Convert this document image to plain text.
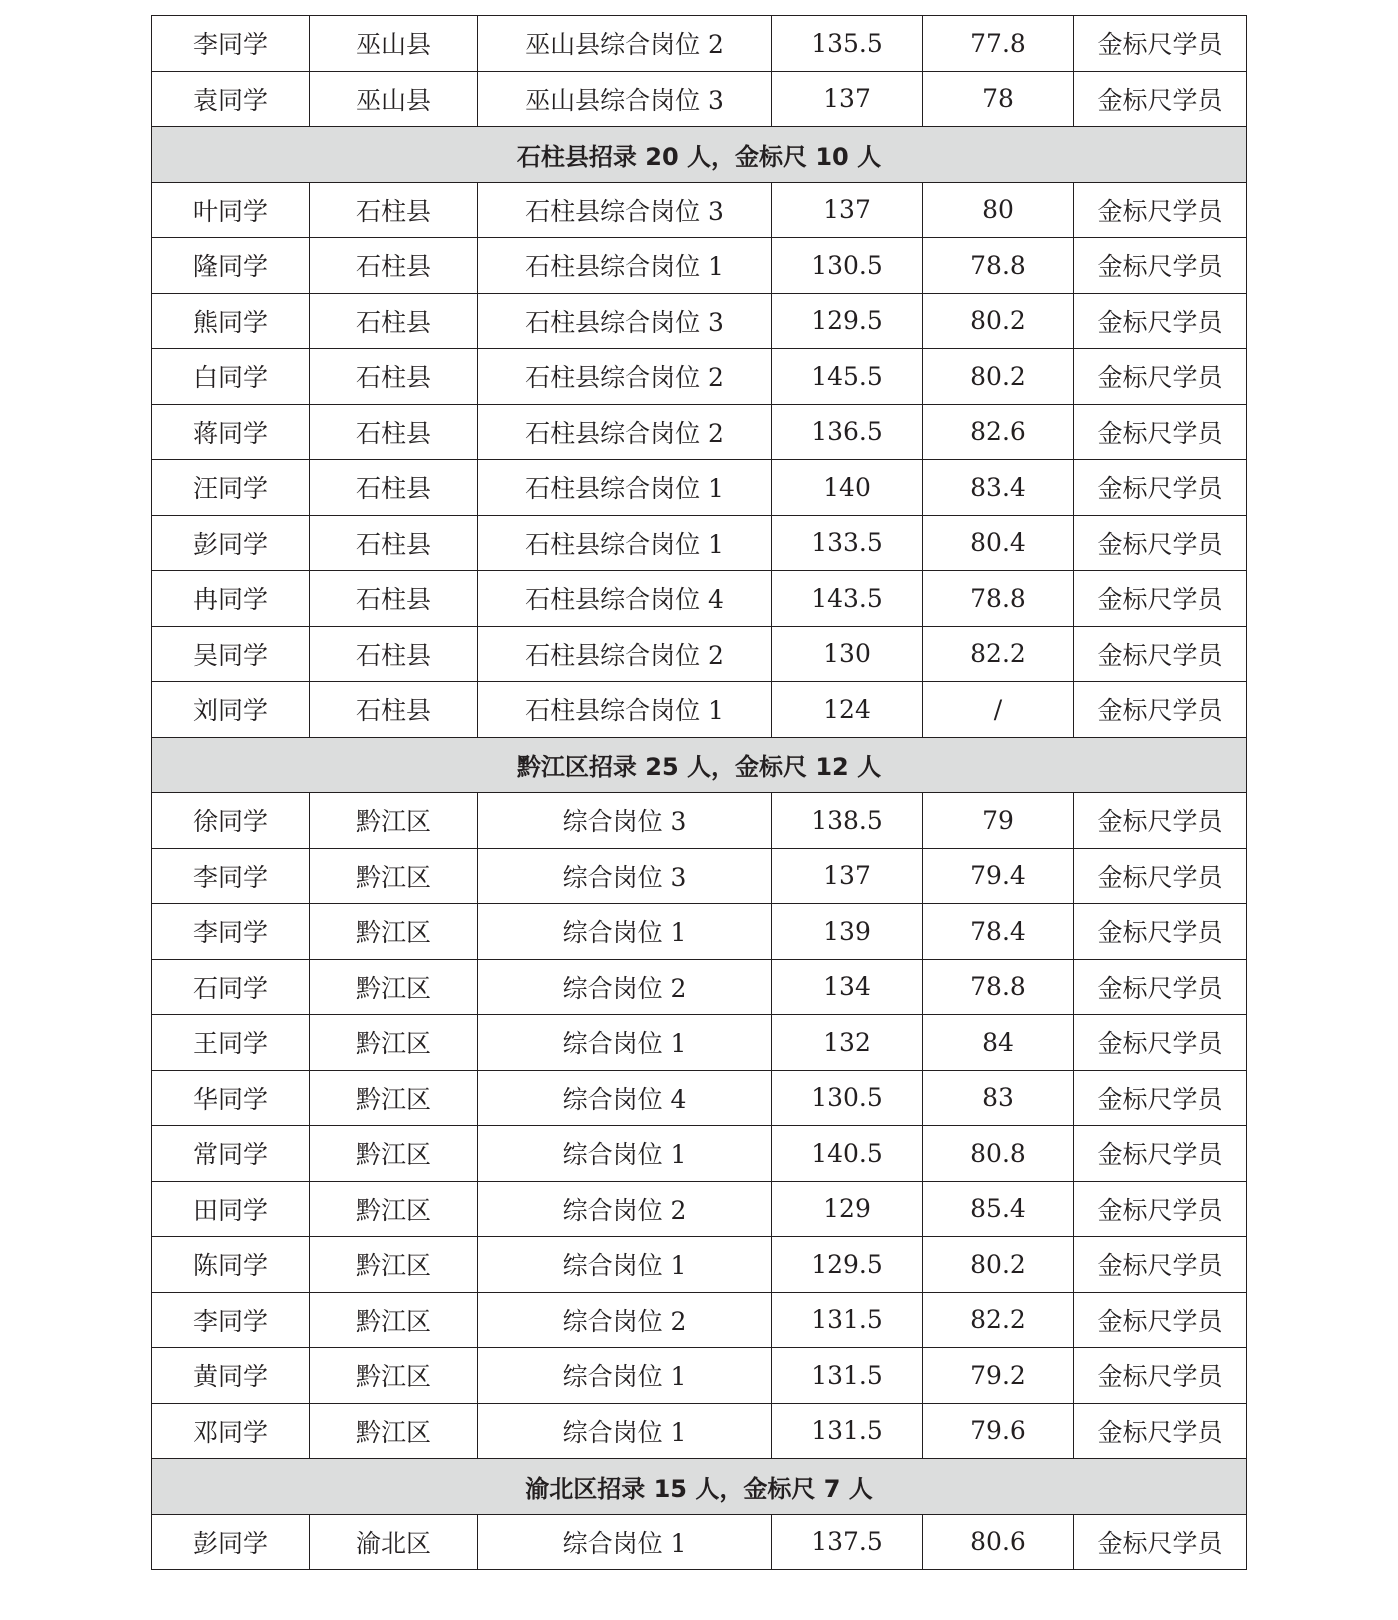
李同学	巫山县	巫山县综合岗位 2	135.5	77.8	金标尺学员
袁同学	巫山县	巫山县综合岗位 3	137	78	金标尺学员
石柱县招录 20 人，金标尺 10 人					
叶同学	石柱县	石柱县综合岗位 3	137	80	金标尺学员
隆同学	石柱县	石柱县综合岗位 1	130.5	78.8	金标尺学员
熊同学	石柱县	石柱县综合岗位 3	129.5	80.2	金标尺学员
白同学	石柱县	石柱县综合岗位 2	145.5	80.2	金标尺学员
蒋同学	石柱县	石柱县综合岗位 2	136.5	82.6	金标尺学员
汪同学	石柱县	石柱县综合岗位 1	140	83.4	金标尺学员
彭同学	石柱县	石柱县综合岗位 1	133.5	80.4	金标尺学员
冉同学	石柱县	石柱县综合岗位 4	143.5	78.8	金标尺学员
吴同学	石柱县	石柱县综合岗位 2	130	82.2	金标尺学员
刘同学	石柱县	石柱县综合岗位 1	124	/	金标尺学员
黔江区招录 25 人，金标尺 12 人					
徐同学	黔江区	综合岗位 3	138.5	79	金标尺学员
李同学	黔江区	综合岗位 3	137	79.4	金标尺学员
李同学	黔江区	综合岗位 1	139	78.4	金标尺学员
石同学	黔江区	综合岗位 2	134	78.8	金标尺学员
王同学	黔江区	综合岗位 1	132	84	金标尺学员
华同学	黔江区	综合岗位 4	130.5	83	金标尺学员
常同学	黔江区	综合岗位 1	140.5	80.8	金标尺学员
田同学	黔江区	综合岗位 2	129	85.4	金标尺学员
陈同学	黔江区	综合岗位 1	129.5	80.2	金标尺学员
李同学	黔江区	综合岗位 2	131.5	82.2	金标尺学员
黄同学	黔江区	综合岗位 1	131.5	79.2	金标尺学员
邓同学	黔江区	综合岗位 1	131.5	79.6	金标尺学员
渝北区招录 15 人，金标尺 7 人					
彭同学	渝北区	综合岗位 1	137.5	80.6	金标尺学员
